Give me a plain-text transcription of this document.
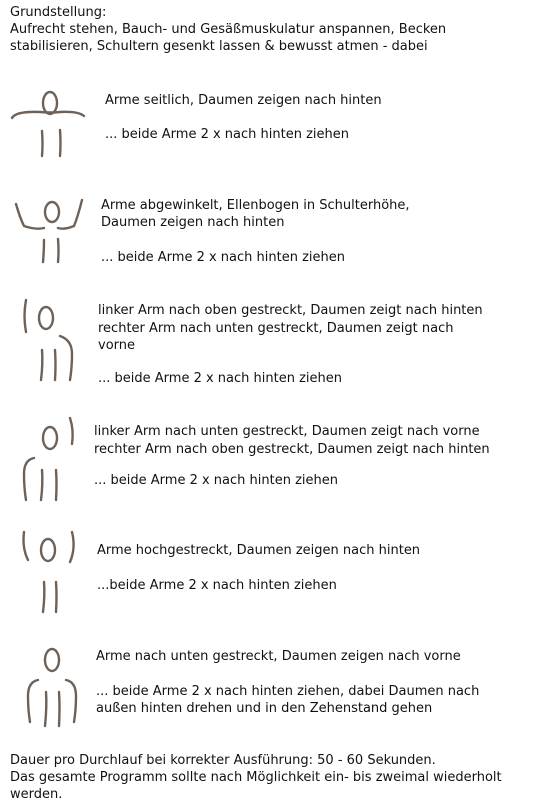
Grundstellung:

Aufrecht stehen, Bauch- und Gesäßmuskulatur anspannen, Becken

stabilisieren, Schultern gesenkt lassen & bewusst atmen - dabei

Arme seitlich, Daumen zeigen nach hinten

... beide Arme 2 x nach hinten ziehen

Arme abgewinkelt, Ellenbogen in Schulterhöhe,

Daumen zeigen nach hinten

... beide Arme 2 x nach hinten ziehen

linker Arm nach oben gestreckt, Daumen zeigt nach hinten

rechter Arm nach unten gestreckt, Daumen zeigt nach

vorne

... beide Arme 2 x nach hinten ziehen

linker Arm nach unten gestreckt, Daumen zeigt nach vorne

rechter Arm nach oben gestreckt, Daumen zeigt nach hinten

... beide Arme 2 x nach hinten ziehen

Arme hochgestreckt, Daumen zeigen nach hinten

...beide Arme 2 x nach hinten ziehen

Arme nach unten gestreckt, Daumen zeigen nach vorne

... beide Arme 2 x nach hinten ziehen, dabei Daumen nach

außen hinten drehen und in den Zehenstand gehen

Dauer pro Durchlauf bei korrekter Ausführung: 50 - 60 Sekunden.

Das gesamte Programm sollte nach Möglichkeit ein- bis zweimal wiederholt

werden.
